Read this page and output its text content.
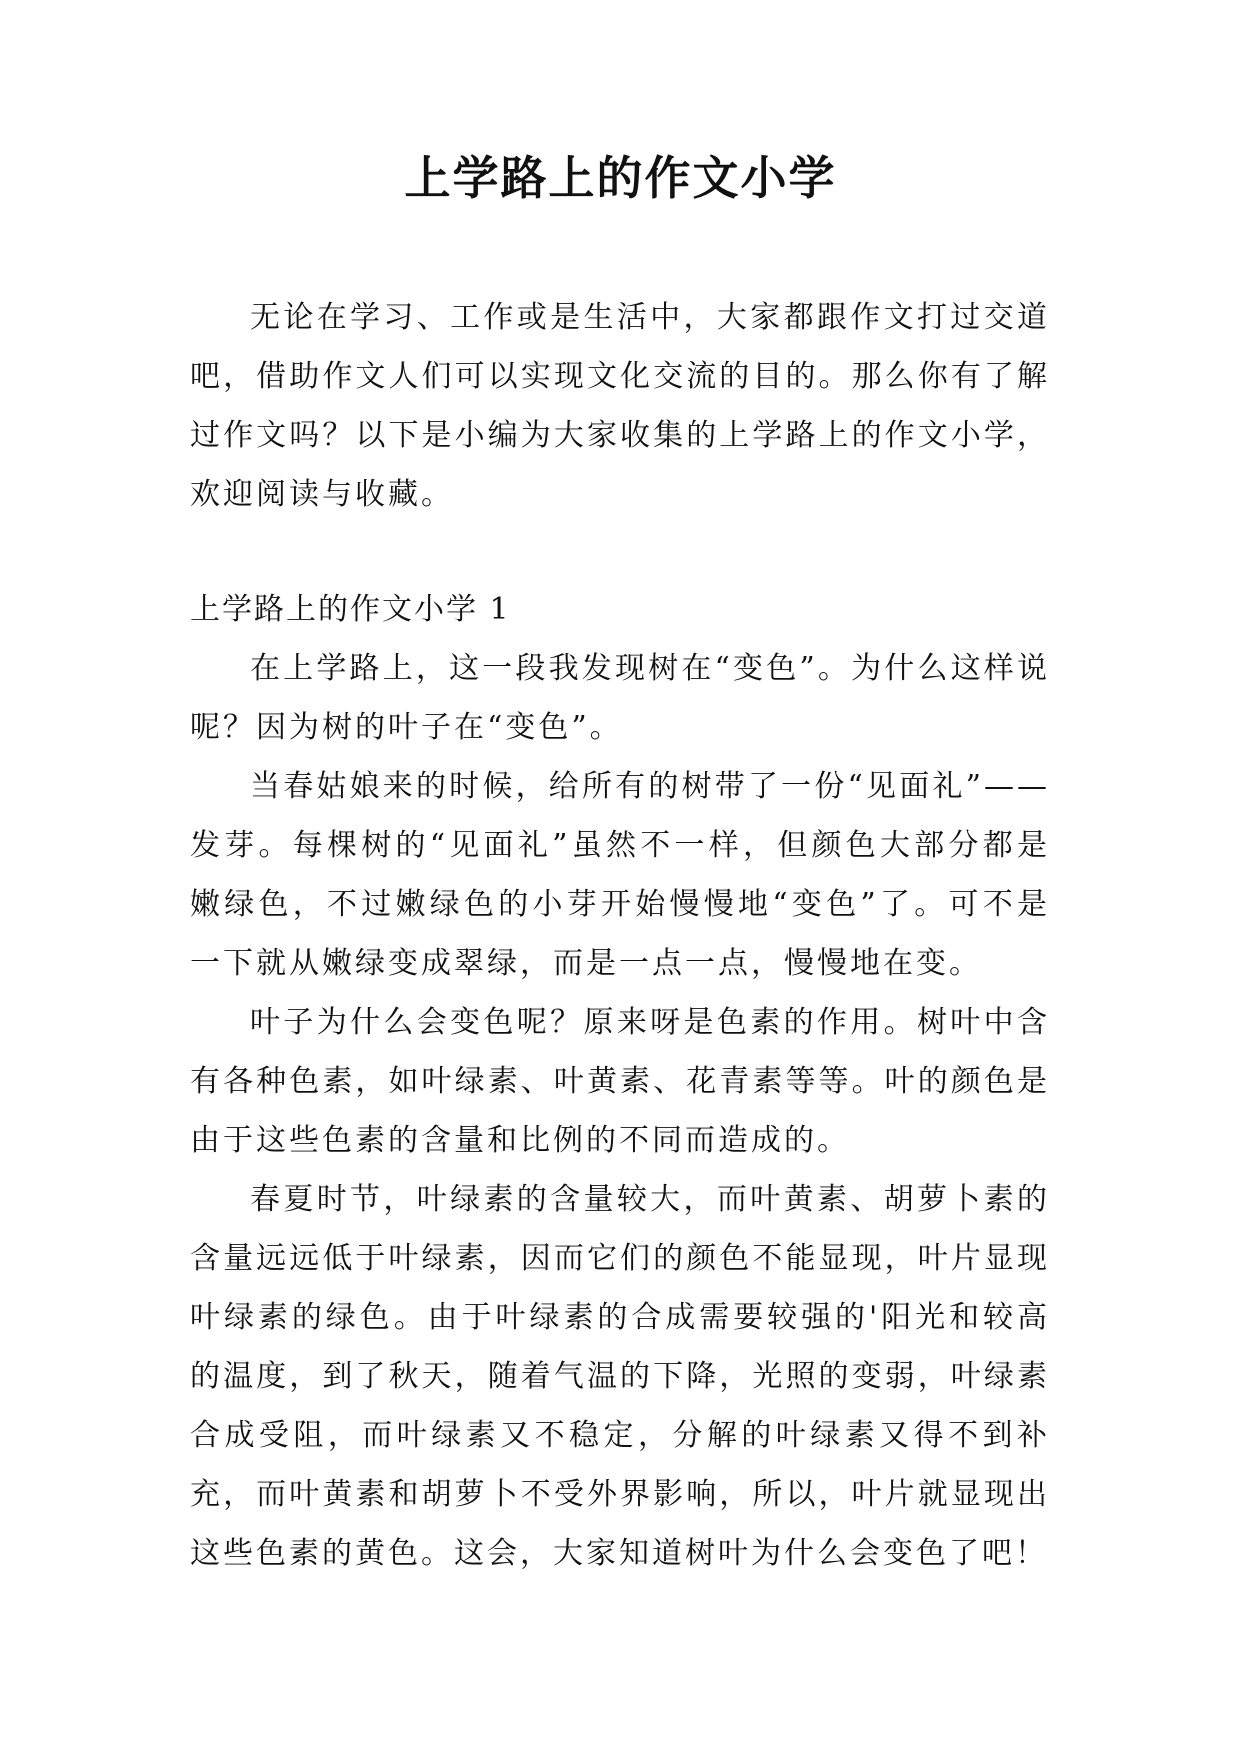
上学路上的作文小学

无论在学习、工作或是生活中，大家都跟作文打过交道吧，借助作文人们可以实现文化交流的目的。那么你有了解过作文吗？以下是小编为大家收集的上学路上的作文小学，欢迎阅读与收藏。

上学路上的作文小学 1

在上学路上，这一段我发现树在“变色”。为什么这样说呢？因为树的叶子在“变色”。

当春姑娘来的时候，给所有的树带了一份“见面礼”——发芽。每棵树的“见面礼”虽然不一样，但颜色大部分都是嫩绿色，不过嫩绿色的小芽开始慢慢地“变色”了。可不是一下就从嫩绿变成翠绿，而是一点一点，慢慢地在变。

叶子为什么会变色呢？原来呀是色素的作用。树叶中含有各种色素，如叶绿素、叶黄素、花青素等等。叶的颜色是由于这些色素的含量和比例的不同而造成的。

春夏时节，叶绿素的含量较大，而叶黄素、胡萝卜素的含量远远低于叶绿素，因而它们的颜色不能显现，叶片显现叶绿素的绿色。由于叶绿素的合成需要较强的'阳光和较高的温度，到了秋天，随着气温的下降，光照的变弱，叶绿素合成受阻，而叶绿素又不稳定，分解的叶绿素又得不到补充，而叶黄素和胡萝卜不受外界影响，所以，叶片就显现出这些色素的黄色。这会，大家知道树叶为什么会变色了吧！
